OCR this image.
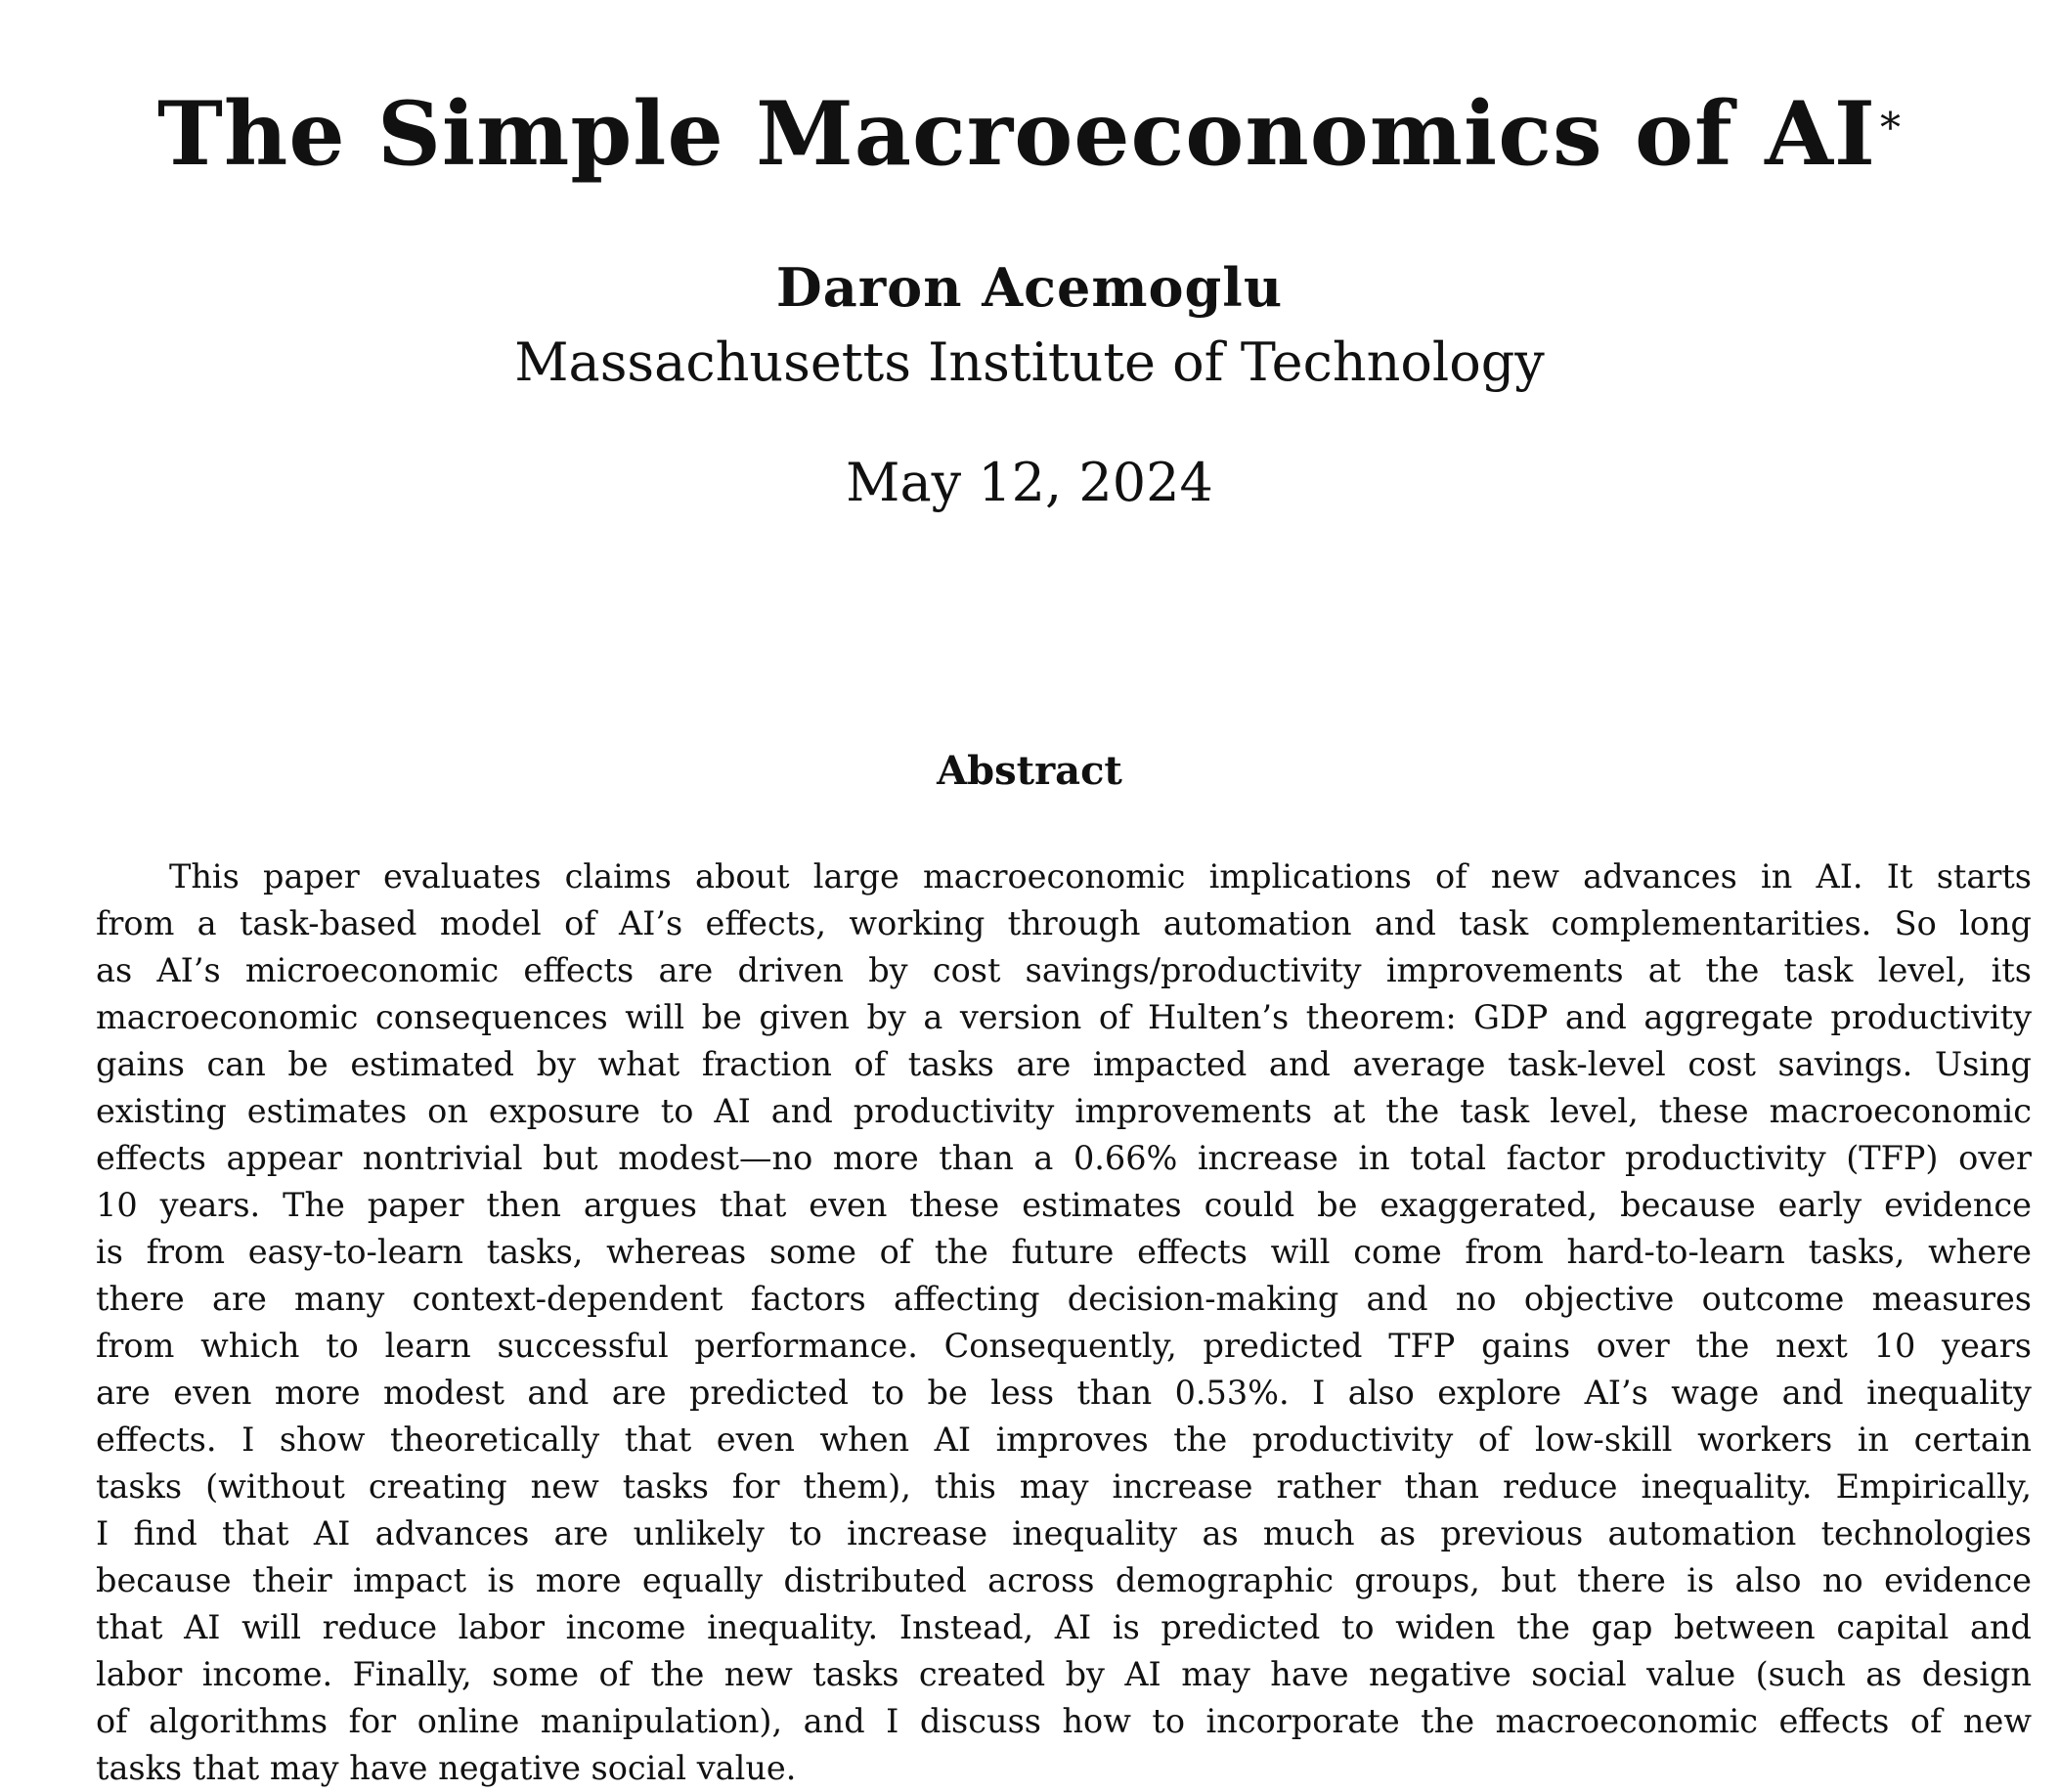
The Simple Macroeconomics of AI*
Daron Acemoglu
Massachusetts Institute of Technology
May 12, 2024
Abstract
This paper evaluates claims about large macroeconomic implications of new advances in AI. It starts
from a task-based model of AI’s effects, working through automation and task complementarities. So long
as AI’s microeconomic effects are driven by cost savings/productivity improvements at the task level, its
macroeconomic consequences will be given by a version of Hulten’s theorem: GDP and aggregate productivity
gains can be estimated by what fraction of tasks are impacted and average task-level cost savings. Using
existing estimates on exposure to AI and productivity improvements at the task level, these macroeconomic
effects appear nontrivial but modest—no more than a 0.66% increase in total factor productivity (TFP) over
10 years. The paper then argues that even these estimates could be exaggerated, because early evidence
is from easy-to-learn tasks, whereas some of the future effects will come from hard-to-learn tasks, where
there are many context-dependent factors affecting decision-making and no objective outcome measures
from which to learn successful performance. Consequently, predicted TFP gains over the next 10 years
are even more modest and are predicted to be less than 0.53%. I also explore AI’s wage and inequality
effects. I show theoretically that even when AI improves the productivity of low-skill workers in certain
tasks (without creating new tasks for them), this may increase rather than reduce inequality. Empirically,
I find that AI advances are unlikely to increase inequality as much as previous automation technologies
because their impact is more equally distributed across demographic groups, but there is also no evidence
that AI will reduce labor income inequality. Instead, AI is predicted to widen the gap between capital and
labor income. Finally, some of the new tasks created by AI may have negative social value (such as design
of algorithms for online manipulation), and I discuss how to incorporate the macroeconomic effects of new
tasks that may have negative social value.
